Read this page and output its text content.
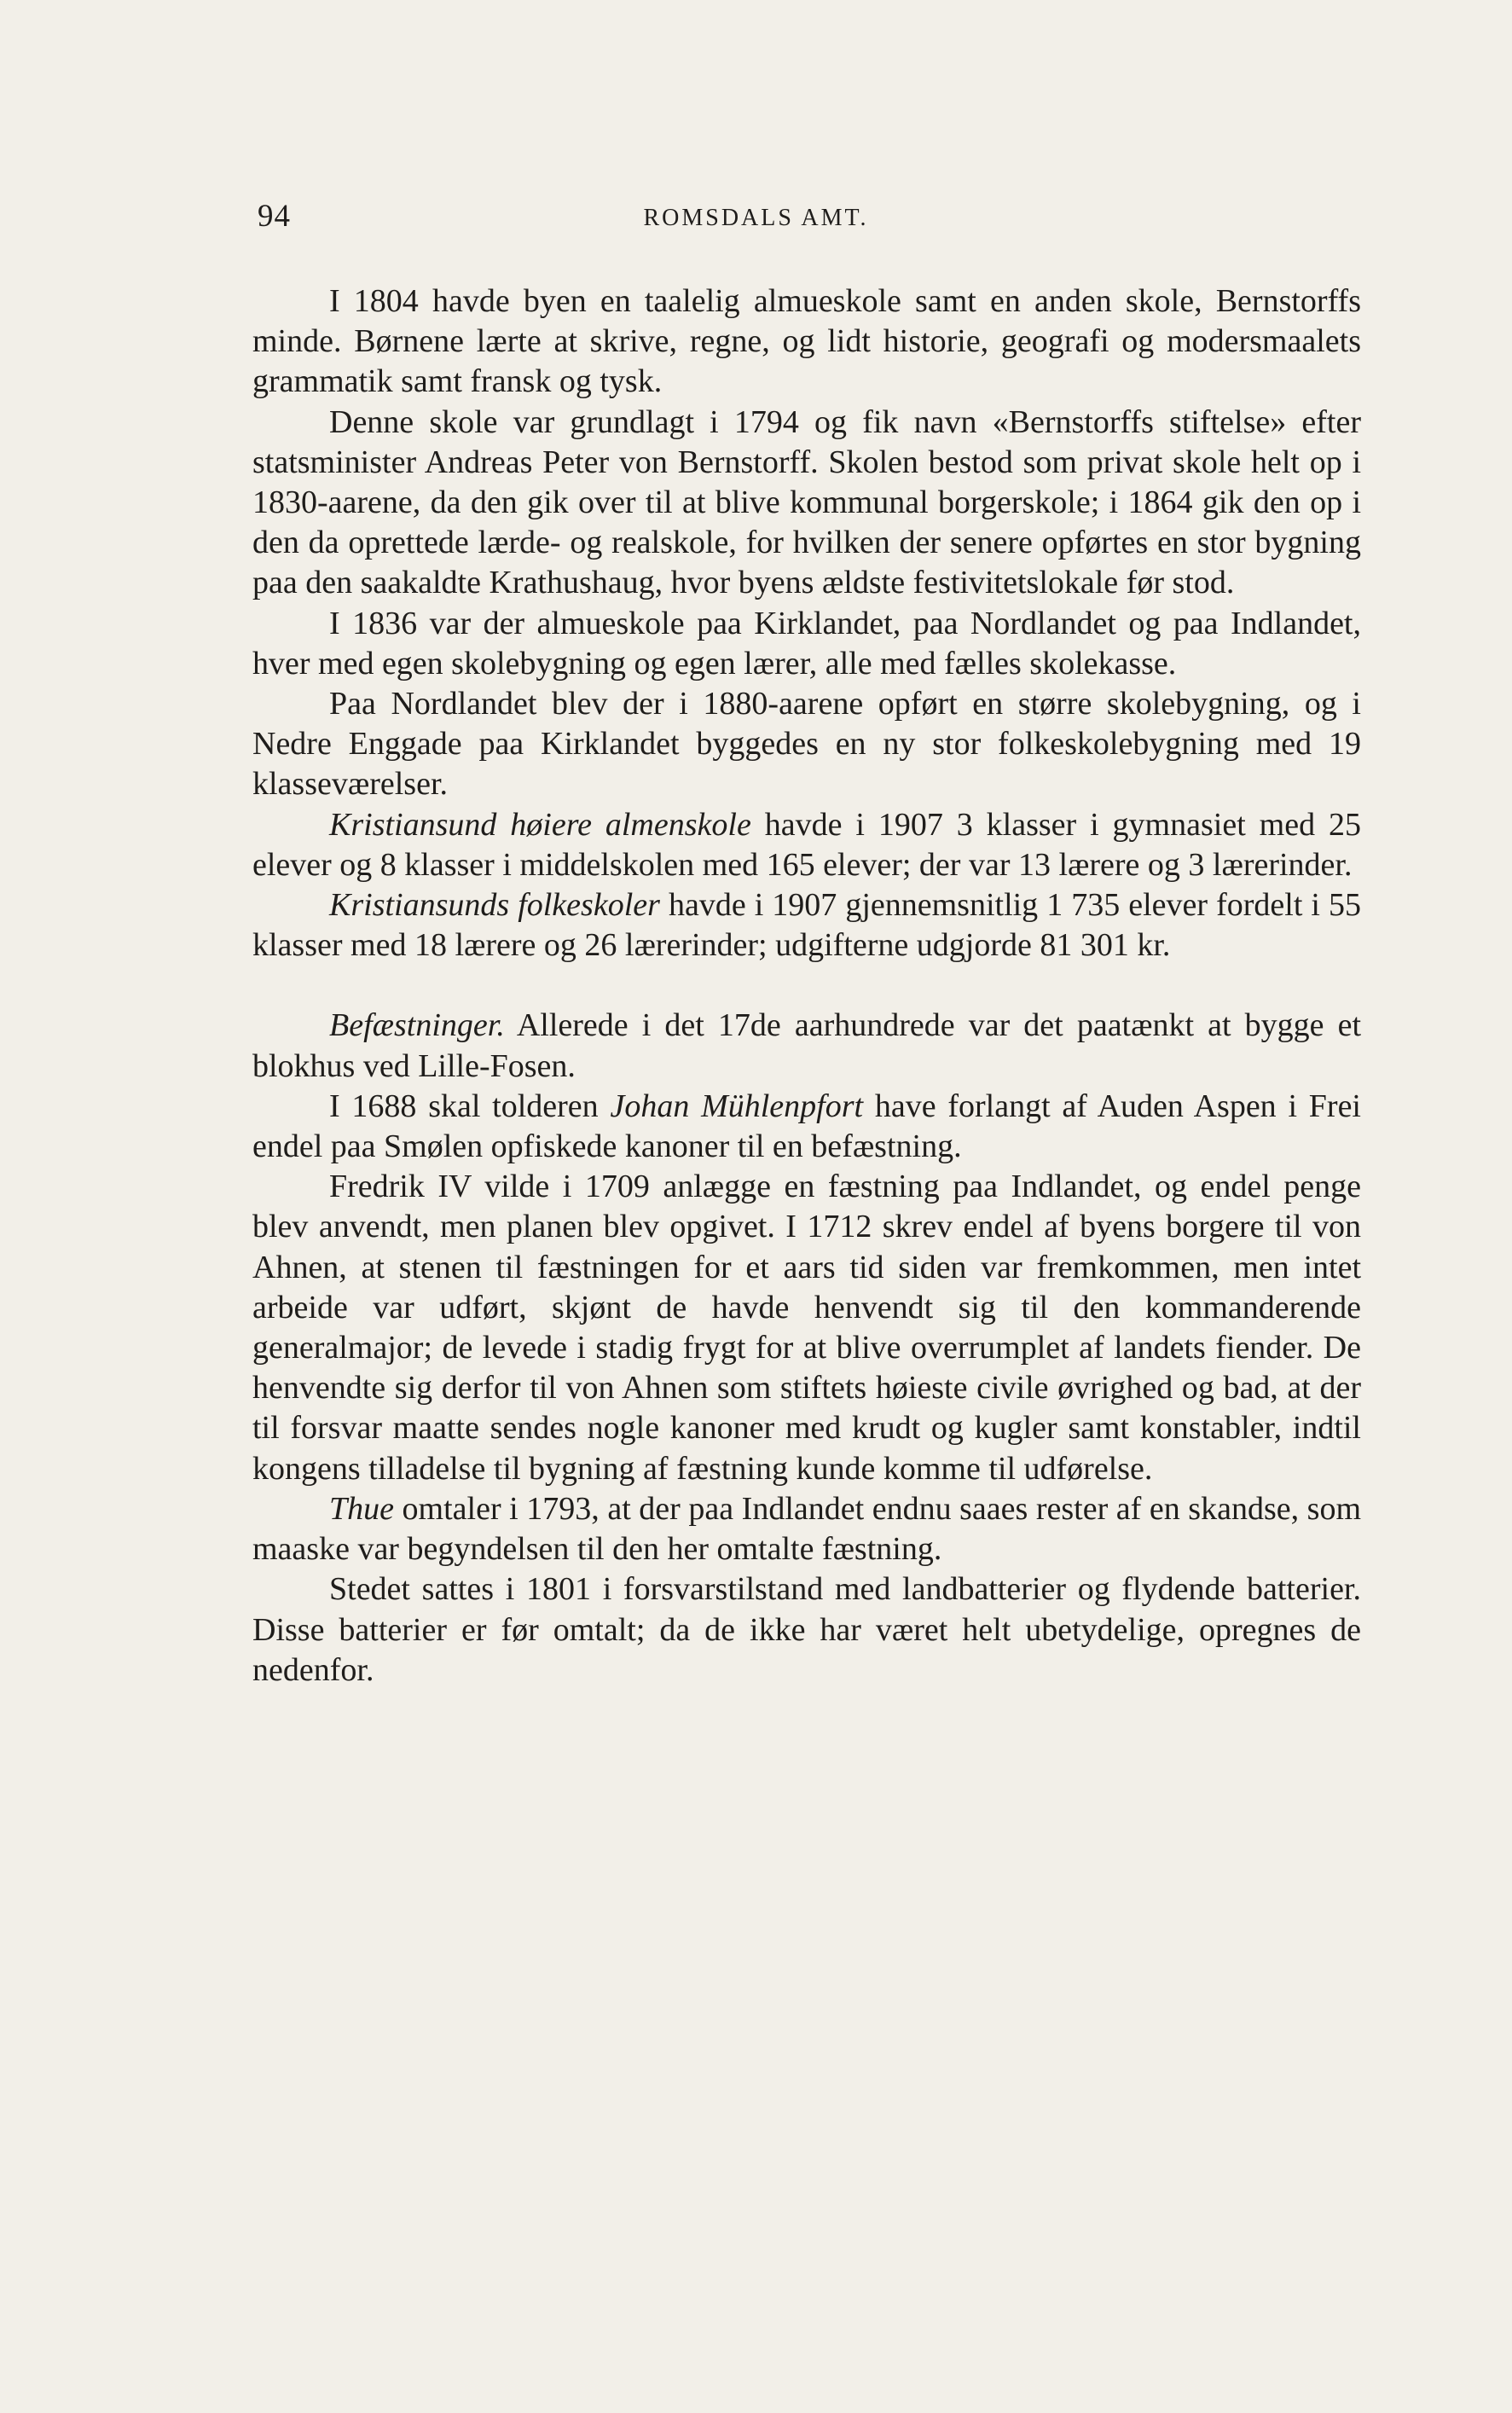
94	ROMSDALS AMT.

I 1804 havde byen en taalelig almueskole samt en anden skole, Bernstorffs minde. Børnene lærte at skrive, regne, og lidt historie, geografi og modersmaalets grammatik samt fransk og tysk.

Denne skole var grundlagt i 1794 og fik navn «Bernstorffs stiftelse» efter statsminister Andreas Peter von Bernstorff. Skolen bestod som privat skole helt op i 1830-aarene, da den gik over til at blive kommunal borgerskole; i 1864 gik den op i den da oprettede lærde- og realskole, for hvilken der senere opførtes en stor bygning paa den saakaldte Krathushaug, hvor byens ældste festivitetslokale før stod.

I 1836 var der almueskole paa Kirklandet, paa Nordlandet og paa Indlandet, hver med egen skolebygning og egen lærer, alle med fælles skolekasse.

Paa Nordlandet blev der i 1880-aarene opført en større skolebygning, og i Nedre Enggade paa Kirklandet byggedes en ny stor folkeskolebygning med 19 klasseværelser.

Kristiansund høiere almenskole havde i 1907 3 klasser i gymnasiet med 25 elever og 8 klasser i middelskolen med 165 elever; der var 13 lærere og 3 lærerinder.

Kristiansunds folkeskoler havde i 1907 gjennemsnitlig 1 735 elever fordelt i 55 klasser med 18 lærere og 26 lærerinder; udgifterne udgjorde 81 301 kr.

Befæstninger. Allerede i det 17de aarhundrede var det paatænkt at bygge et blokhus ved Lille-Fosen.

I 1688 skal tolderen Johan Mühlenpfort have forlangt af Auden Aspen i Frei endel paa Smølen opfiskede kanoner til en befæstning.

Fredrik IV vilde i 1709 anlægge en fæstning paa Indlandet, og endel penge blev anvendt, men planen blev opgivet. I 1712 skrev endel af byens borgere til von Ahnen, at stenen til fæstningen for et aars tid siden var fremkommen, men intet arbeide var udført, skjønt de havde henvendt sig til den kommanderende generalmajor; de levede i stadig frygt for at blive overrumplet af landets fiender. De henvendte sig derfor til von Ahnen som stiftets høieste civile øvrighed og bad, at der til forsvar maatte sendes nogle kanoner med krudt og kugler samt konstabler, indtil kongens tilladelse til bygning af fæstning kunde komme til udførelse.

Thue omtaler i 1793, at der paa Indlandet endnu saaes rester af en skandse, som maaske var begyndelsen til den her omtalte fæstning.

Stedet sattes i 1801 i forsvarstilstand med landbatterier og flydende batterier. Disse batterier er før omtalt; da de ikke har været helt ubetydelige, opregnes de nedenfor.
